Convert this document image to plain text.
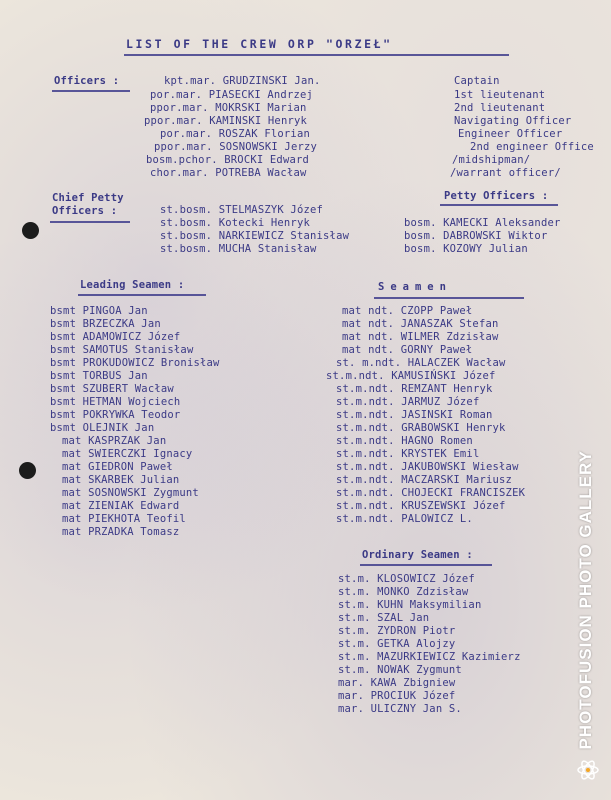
LIST OF THE CREW ORP "ORZEŁ"
Officers :	kpt.mar. GRUDZINSKI Jan.	Captain
por.mar. PIASECKI Andrzej	1st lieutenant
ppor.mar. MOKRSKI Marian	2nd lieutenant
ppor.mar. KAMINSKI Henryk	Navigating Officer
por.mar. ROSZAK Florian	Engineer Officer
ppor.mar. SOSNOWSKI Jerzy	2nd engineer Office
bosm.pchor. BROCKI Edward	/midshipman/
chor.mar. POTREBA Wacław	/warrant officer/
Chief Petty
Officers :	st.bosm. STELMASZYK Józef
st.bosm. Kotecki Henryk
st.bosm. NARKIEWICZ Stanisław
st.bosm. MUCHA Stanisław
Petty Officers :
bosm. KAMECKI Aleksander
bosm. DABROWSKI Wiktor
bosm. KOZOWY Julian
Leading Seamen :
bsmt PINGOA Jan
bsmt BRZECZKA Jan
bsmt ADAMOWICZ Józef
bsmt SAMOTUS Stanisław
bsmt PROKUDOWICZ Bronisław
bsmt TORBUS Jan
bsmt SZUBERT Wacław
bsmt HETMAN Wojciech
bsmt POKRYWKA Teodor
bsmt OLEJNIK Jan
mat KASPRZAK Jan
mat SWIERCZKI Ignacy
mat GIEDRON Paweł
mat SKARBEK Julian
mat SOSNOWSKI Zygmunt
mat ZIENIAK Edward
mat PIEKHOTA Teofil
mat PRZADKA Tomasz
Seamen
mat ndt. CZOPP Paweł
mat ndt. JANASZAK Stefan
mat ndt. WILMER Zdzisław
mat ndt. GORNY Paweł
st. m.ndt. HALACZEK Wacław
st.m.ndt. KAMUSIŃSKI Józef
st.m.ndt. REMZANT Henryk
st.m.ndt. JARMUZ Józef
st.m.ndt. JASINSKI Roman
st.m.ndt. GRABOWSKI Henryk
st.m.ndt. HAGNO Romen
st.m.ndt. KRYSTEK Emil
st.m.ndt. JAKUBOWSKI Wiesław
st.m.ndt. MACZARSKI Mariusz
st.m.ndt. CHOJECKI FRANCISZEK
st.m.ndt. KRUSZEWSKI Józef
st.m.ndt. PALOWICZ L.
Ordinary Seamen :
st.m. KLOSOWICZ Józef
st.m. MONKO Zdzisław
st.m. KUHN Maksymilian
st.m. SZAL Jan
st.m. ZYDRON Piotr
st.m. GETKA Alojzy
st.m. MAZURKIEWICZ Kazimierz
st.m. NOWAK Zygmunt
mar. KAWA Zbigniew
mar. PROCIUK Józef
mar. ULICZNY Jan S.	PHOTOFUSION PHOTO GALLERY
